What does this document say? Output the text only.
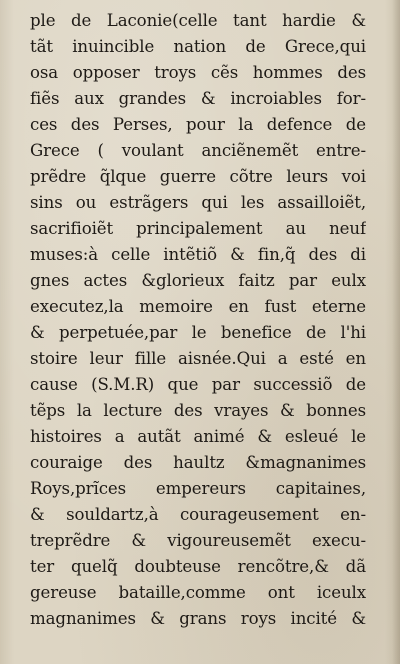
ple de Laconie(celle tant hardie &
tãt inuincible nation de Grece,qui
osa opposer troys cẽs hommes des
fiẽs aux grandes & incroiables for-
ces des Perses, pour la defence de
Grece ( voulant anciẽnemẽt entre-
prẽdre q̃lque guerre cõtre leurs voi
sins ou estrãgers qui les assailloiẽt,
sacrifioiẽt principalement au neuf
muses:à celle intẽtiõ & fin,q̃ des di
gnes actes &glorieux faitz par eulx
executez,la memoire en fust eterne
& perpetuée,par le benefice de l'hi
stoire leur fille aisnée.Qui a esté en
cause (S.M.R) que par successiõ de
tẽps la lecture des vrayes & bonnes
histoires a autãt animé & esleué le
couraige des haultz &magnanimes
Roys,prĩces empereurs capitaines,
& souldartz,à courageusement en-
treprẽdre & vigoureusemẽt execu-
ter quelq̃ doubteuse rencõtre,& dã
gereuse bataille,comme ont iceulx
magnanimes & grans roys incité &
